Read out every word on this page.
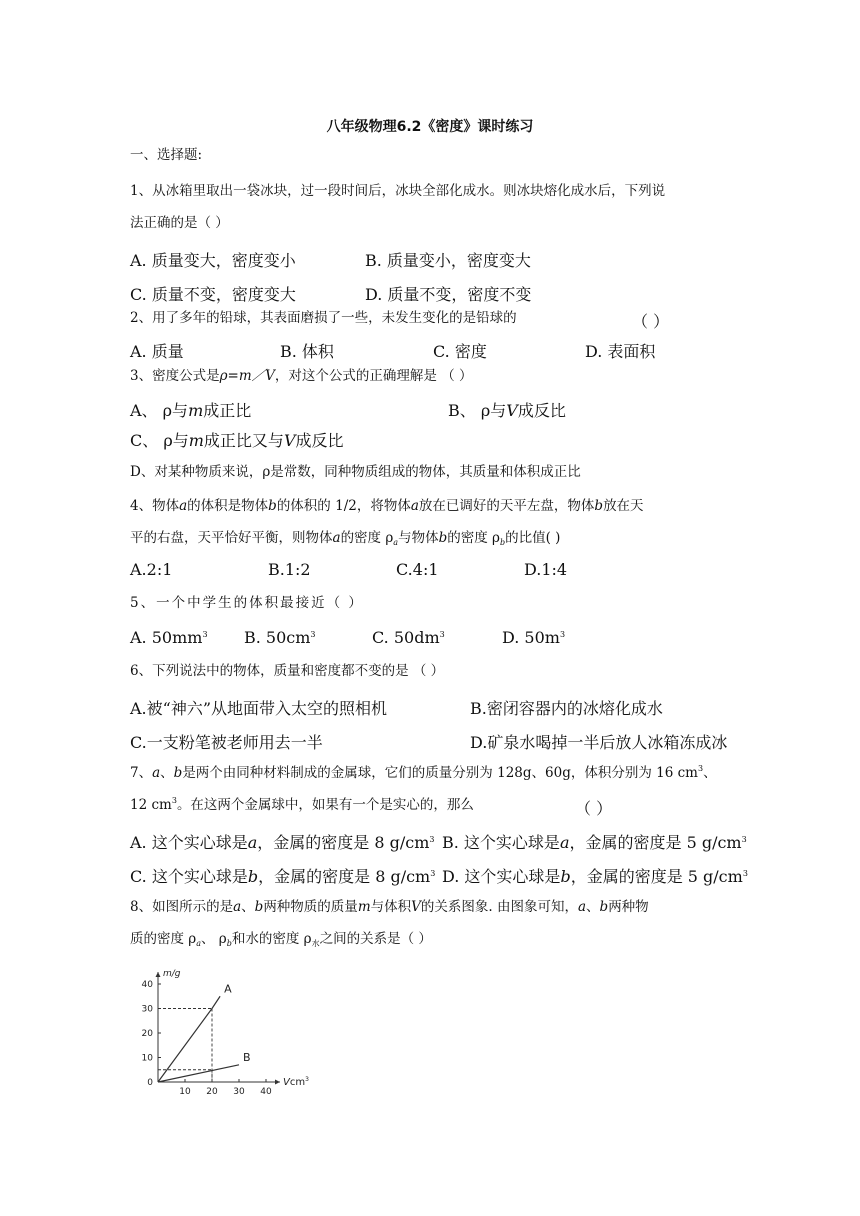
八年级物理6.2《密度》课时练习
一、选择题:
1、从冰箱里取出一袋冰块，过一段时间后，冰块全部化成水。则冰块熔化成水后，下列说
法正确的是（ ）
A. 质量变大，密度变小	B. 质量变小，密度变大
C. 质量不变，密度变大	D. 质量不变，密度不变
2、用了多年的铅球，其表面磨损了一些，未发生变化的是铅球的	（ ）
A. 质量	B. 体积	C. 密度	D. 表面积
3、密度公式是ρ=m／V，对这个公式的正确理解是 （ ）
A、 ρ与m成正比	B、 ρ与V成反比
C、 ρ与m成正比又与V成反比
D、对某种物质来说，ρ是常数，同种物质组成的物体，其质量和体积成正比
4、物体a的体积是物体b的体积的 1/2，将物体a放在已调好的天平左盘，物体b放在天
平的右盘，天平恰好平衡，则物体a的密度 $\rho_a$与物体b的密度 $\rho_b$的比值( )
A.2:1	B.1:2	C.4:1	D.1:4
5、一个中学生的体积最接近（ ）
A. $50mm^3$ B. $50cm^3$	C. $50dm^3$	D. $50m^3$
6、下列说法中的物体，质量和密度都不变的是 （ ）
A.被“神六”从地面带入太空的照相机	B.密闭容器内的冰熔化成水
C.一支粉笔被老师用去一半	D.矿泉水喝掉一半后放人冰箱冻成冰
7、a、b是两个由同种材料制成的金属球，它们的质量分别为 128g、60g，体积分别为 16 $cm^3$、
12 $cm^3$。在这两个金属球中，如果有一个是实心的，那么	（ ）
A. 这个实心球是a，金属的密度是 8 $g/cm^3$ B. 这个实心球是a，金属的密度是 5 $g/cm^3$
C. 这个实心球是b，金属的密度是 8 $g/cm^3$ D. 这个实心球是b，金属的密度是 5 $g/cm^3$
8、如图所示的是a、b两种物质的质量m与体积V的关系图象. 由图象可知，a、b两种物
质的密度 $\rho_a$、 $\rho_b$和水的密度 $\rho_水$之间的关系是（ ）
10 20 30 40
40
30
20
10
0
A
B
m/g
Vcm$^3$
